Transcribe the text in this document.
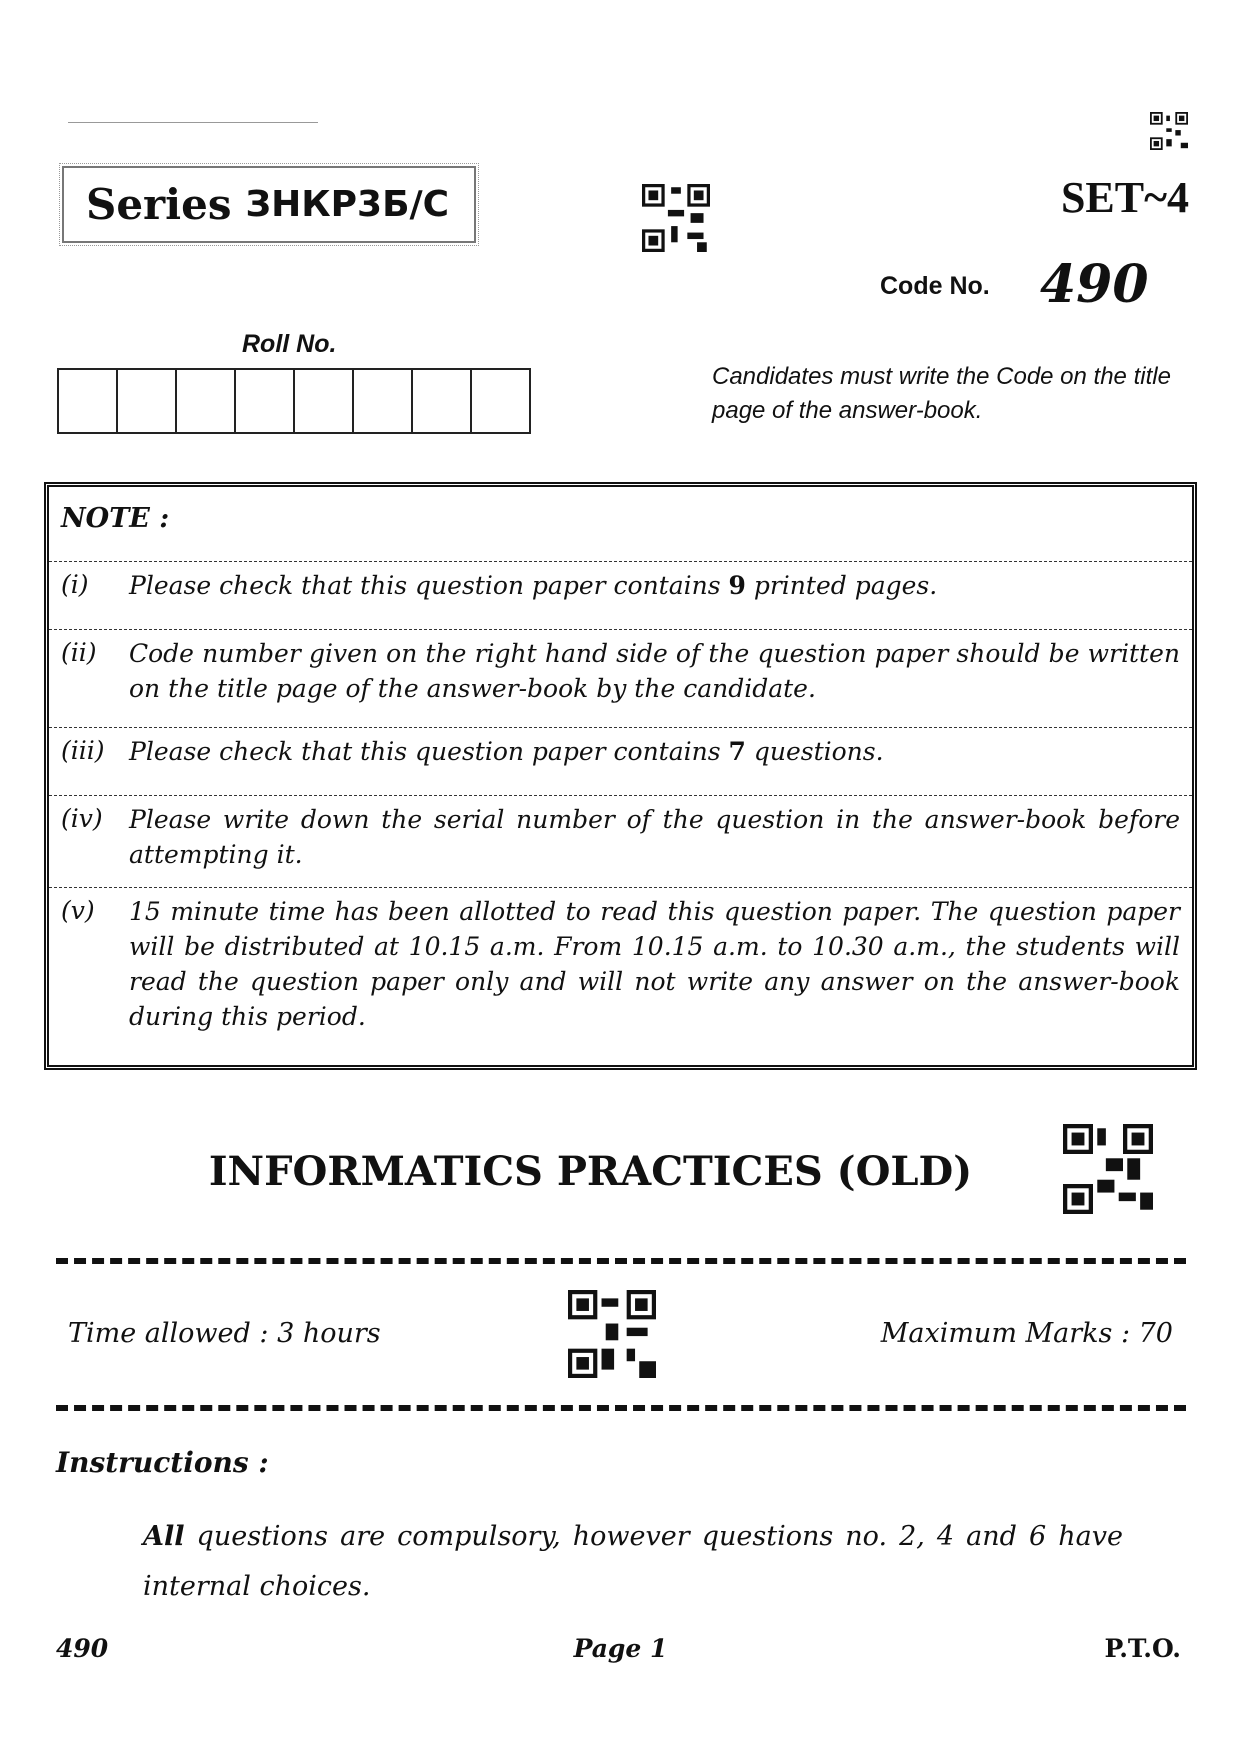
Series ЗНКР3Б/С	SET~4
Code No. 490
Roll No.
Candidates must write the Code on the title page of the answer-book.
NOTE :
(i) Please check that this question paper contains 9 printed pages.
(ii) Code number given on the right hand side of the question paper should be written on the title page of the answer-book by the candidate.
(iii) Please check that this question paper contains 7 questions.
(iv) Please write down the serial number of the question in the answer-book before attempting it.
(v) 15 minute time has been allotted to read this question paper. The question paper will be distributed at 10.15 a.m. From 10.15 a.m. to 10.30 a.m., the students will read the question paper only and will not write any answer on the answer-book during this period.
INFORMATICS PRACTICES (OLD)
Time allowed : 3 hours	Maximum Marks : 70
Instructions :
All questions are compulsory, however questions no. 2, 4 and 6 have internal choices.
490	Page 1	P.T.O.
